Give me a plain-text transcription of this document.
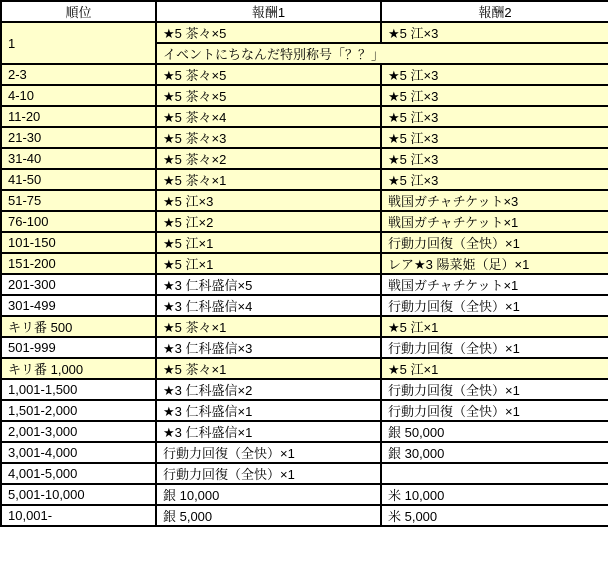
順位	報酬1	報酬2
1	★5 茶々×5	★5 江×3
	イベントにちなんだ特別称号「？？」	
2-3	★5 茶々×5	★5 江×3
4-10	★5 茶々×5	★5 江×3
11-20	★5 茶々×4	★5 江×3
21-30	★5 茶々×3	★5 江×3
31-40	★5 茶々×2	★5 江×3
41-50	★5 茶々×1	★5 江×3
51-75	★5 江×3	戦国ガチャチケット×3
76-100	★5 江×2	戦国ガチャチケット×1
101-150	★5 江×1	行動力回復（全快）×1
151-200	★5 江×1	レア★3 陽菜姫（足）×1
201-300	★3 仁科盛信×5	戦国ガチャチケット×1
301-499	★3 仁科盛信×4	行動力回復（全快）×1
キリ番 500	★5 茶々×1	★5 江×1
501-999	★3 仁科盛信×3	行動力回復（全快）×1
キリ番 1,000	★5 茶々×1	★5 江×1
1,001-1,500	★3 仁科盛信×2	行動力回復（全快）×1
1,501-2,000	★3 仁科盛信×1	行動力回復（全快）×1
2,001-3,000	★3 仁科盛信×1	銀 50,000
3,001-4,000	行動力回復（全快）×1	銀 30,000
4,001-5,000	行動力回復（全快）×1	
5,001-10,000	銀 10,000	米 10,000
10,001-	銀 5,000	米 5,000
